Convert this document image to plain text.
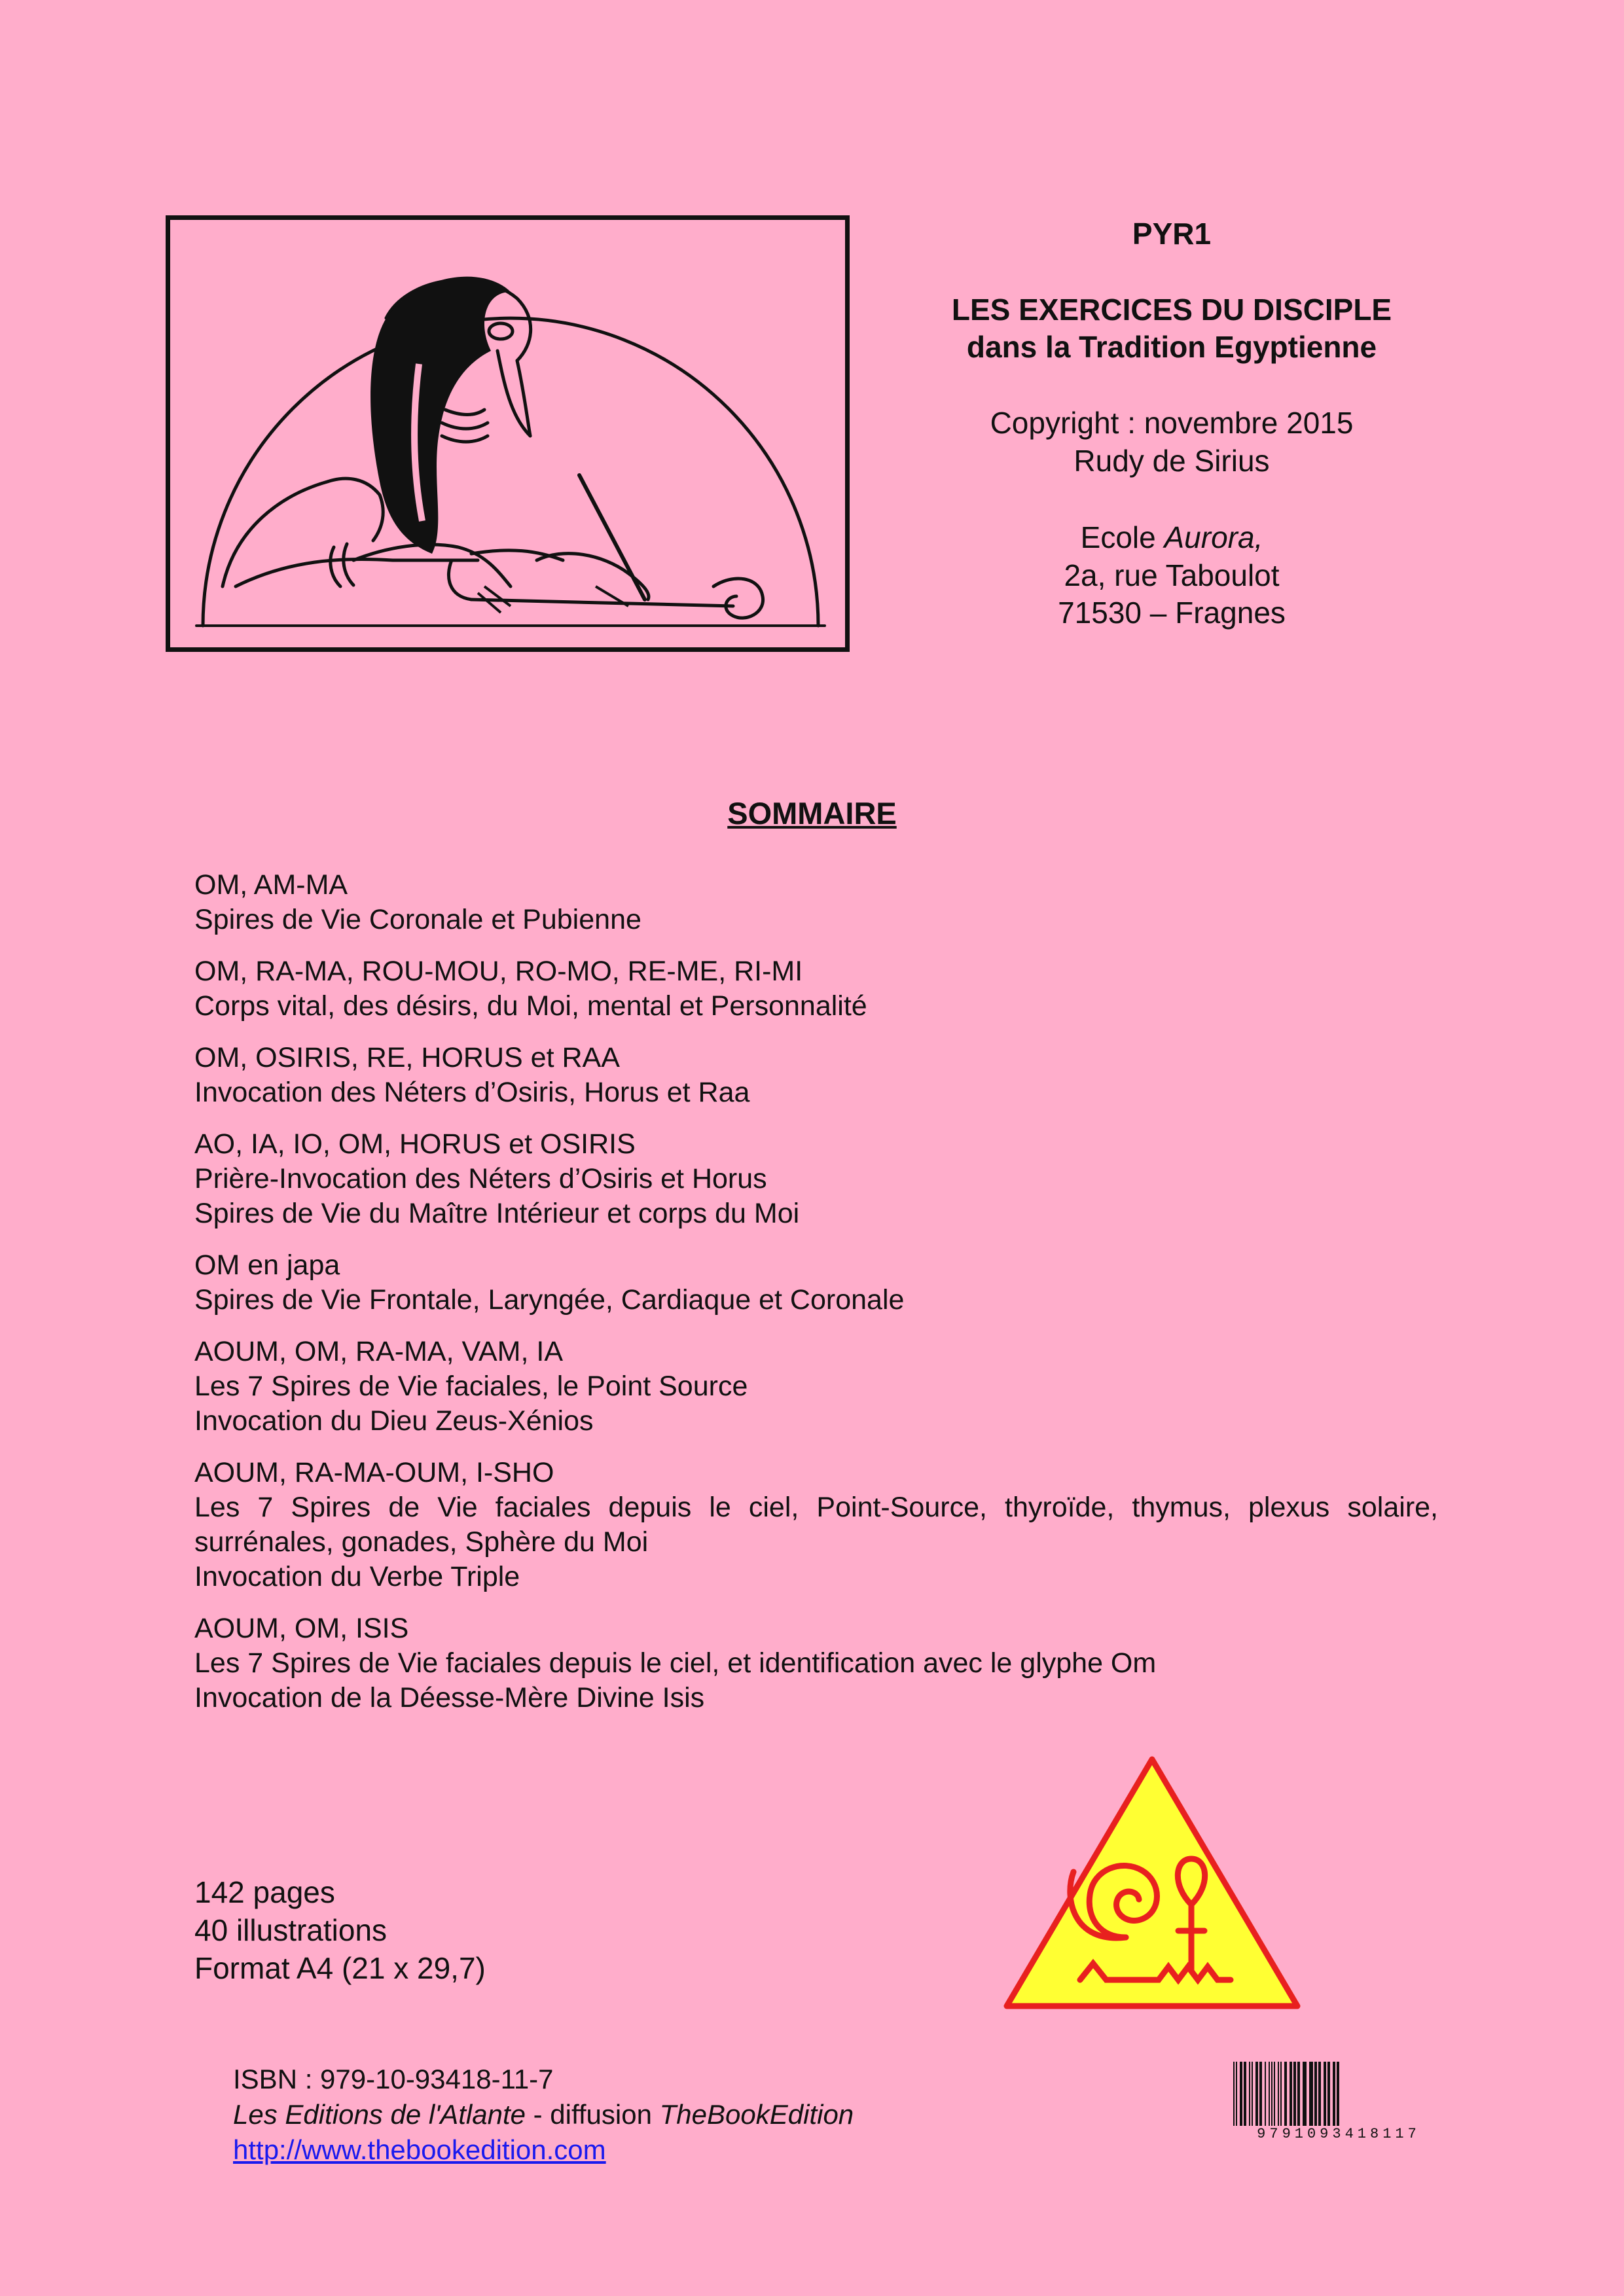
PYR1
LES EXERCICES DU DISCIPLE
dans la Tradition Egyptienne
Copyright : novembre 2015
Rudy de Sirius
Ecole Aurora,
2a, rue Taboulot
71530 – Fragnes
SOMMAIRE
OM, AM-MA
Spires de Vie Coronale et Pubienne
OM, RA-MA, ROU-MOU, RO-MO, RE-ME, RI-MI
Corps vital, des désirs, du Moi, mental et Personnalité
OM, OSIRIS, RE, HORUS et RAA
Invocation des Néters d’Osiris, Horus et Raa
AO, IA, IO, OM, HORUS et OSIRIS
Prière-Invocation des Néters d’Osiris et Horus
Spires de Vie du Maître Intérieur et corps du Moi
OM en japa
Spires de Vie Frontale, Laryngée, Cardiaque et Coronale
AOUM, OM, RA-MA, VAM, IA
Les 7 Spires de Vie faciales, le Point Source
Invocation du Dieu Zeus-Xénios
AOUM, RA-MA-OUM, I-SHO
Les 7 Spires de Vie faciales depuis le ciel, Point-Source, thyroïde, thymus, plexus solaire, surrénales, gonades, Sphère du Moi
Invocation du Verbe Triple
AOUM, OM, ISIS
Les 7 Spires de Vie faciales depuis le ciel, et identification avec le glyphe Om
Invocation de la Déesse-Mère Divine Isis
142 pages
40 illustrations
Format A4 (21 x 29,7)
ISBN : 979-10-93418-11-7
Les Editions de l'Atlante - diffusion TheBookEdition
http://www.thebookedition.com
9791093418117
